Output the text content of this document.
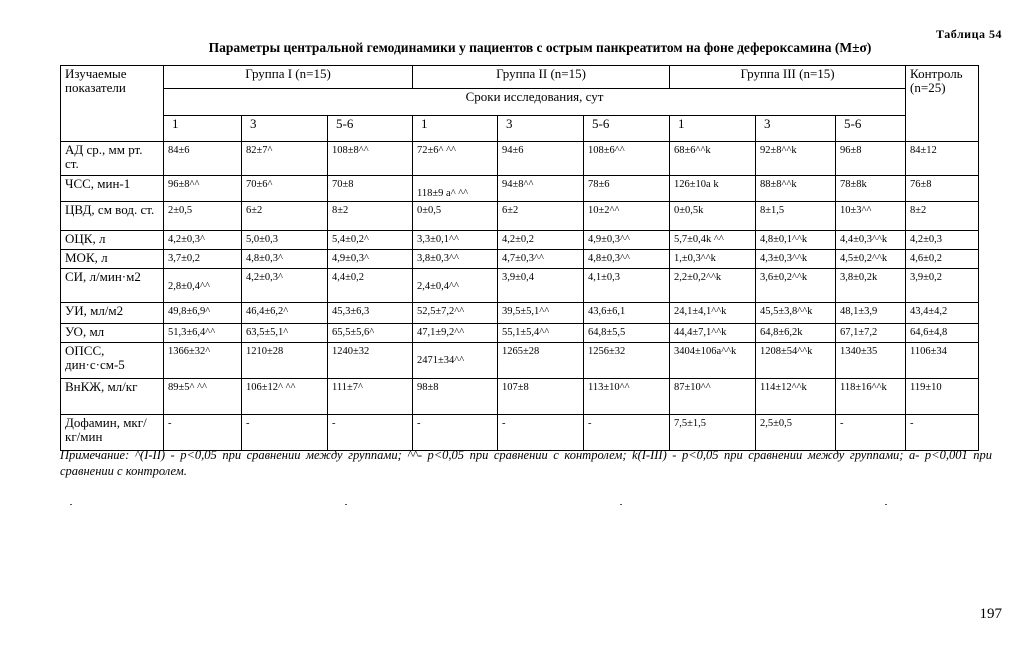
Таблица 54
Параметры центральной гемодинамики у пациентов с острым панкреатитом на фоне дефероксамина (M±σ)
Изучаемые показатели	Группа I (n=15)			Группа II (n=15)			Группа III (n=15)			Контроль (n=25)
	Сроки исследования, сут									
	1	3	5-6	1	3	5-6	1	3	5-6	
АД ср., мм рт. ст.	84±6	82±7^	108±8^^	72±6^ ^^	94±6	108±6^^	68±6^^k	92±8^^k	96±8	84±12
ЧСС, мин-1	96±8^^	70±6^	70±8	118±9 a^ ^^	94±8^^	78±6	126±10a k	88±8^^k	78±8k	76±8
ЦВД, см вод. ст.	2±0,5	6±2	8±2	0±0,5	6±2	10±2^^	0±0,5k	8±1,5	10±3^^	8±2
ОЦК, л	4,2±0,3^	5,0±0,3	5,4±0,2^	3,3±0,1^^	4,2±0,2	4,9±0,3^^	5,7±0,4k ^^	4,8±0,1^^k	4,4±0,3^^k	4,2±0,3
МОК, л	3,7±0,2	4,8±0,3^	4,9±0,3^	3,8±0,3^^	4,7±0,3^^	4,8±0,3^^	1,±0,3^^k	4,3±0,3^^k	4,5±0,2^^k	4,6±0,2
СИ, л/мин·м2	2,8±0,4^^	4,2±0,3^	4,4±0,2	2,4±0,4^^	3,9±0,4	4,1±0,3	2,2±0,2^^k	3,6±0,2^^k	3,8±0,2k	3,9±0,2
УИ, мл/м2	49,8±6,9^	46,4±6,2^	45,3±6,3	52,5±7,2^^	39,5±5,1^^	43,6±6,1	24,1±4,1^^k	45,5±3,8^^k	48,1±3,9	43,4±4,2
УО, мл	51,3±6,4^^	63,5±5,1^	65,5±5,6^	47,1±9,2^^	55,1±5,4^^	64,8±5,5	44,4±7,1^^k	64,8±6,2k	67,1±7,2	64,6±4,8
ОПСС, дин·с·см-5	1366±32^	1210±28	1240±32	2471±34^^	1265±28	1256±32	3404±106a^^k	1208±54^^k	1340±35	1106±34
ВнКЖ, мл/кг	89±5^ ^^	106±12^ ^^	111±7^	98±8	107±8	113±10^^	87±10^^	114±12^^k	118±16^^k	119±10
Дофамин, мкг/кг/мин	-	-	-	-	-	-	7,5±1,5	2,5±0,5	-	-
Примечание: ^(I-II) - p<0,05 при сравнении между группами; ^^- p<0,05 при сравнении с контролем; k(I-III) - p<0,05 при сравнении между группами; a- p<0,001 при сравнении с контролем.
197
